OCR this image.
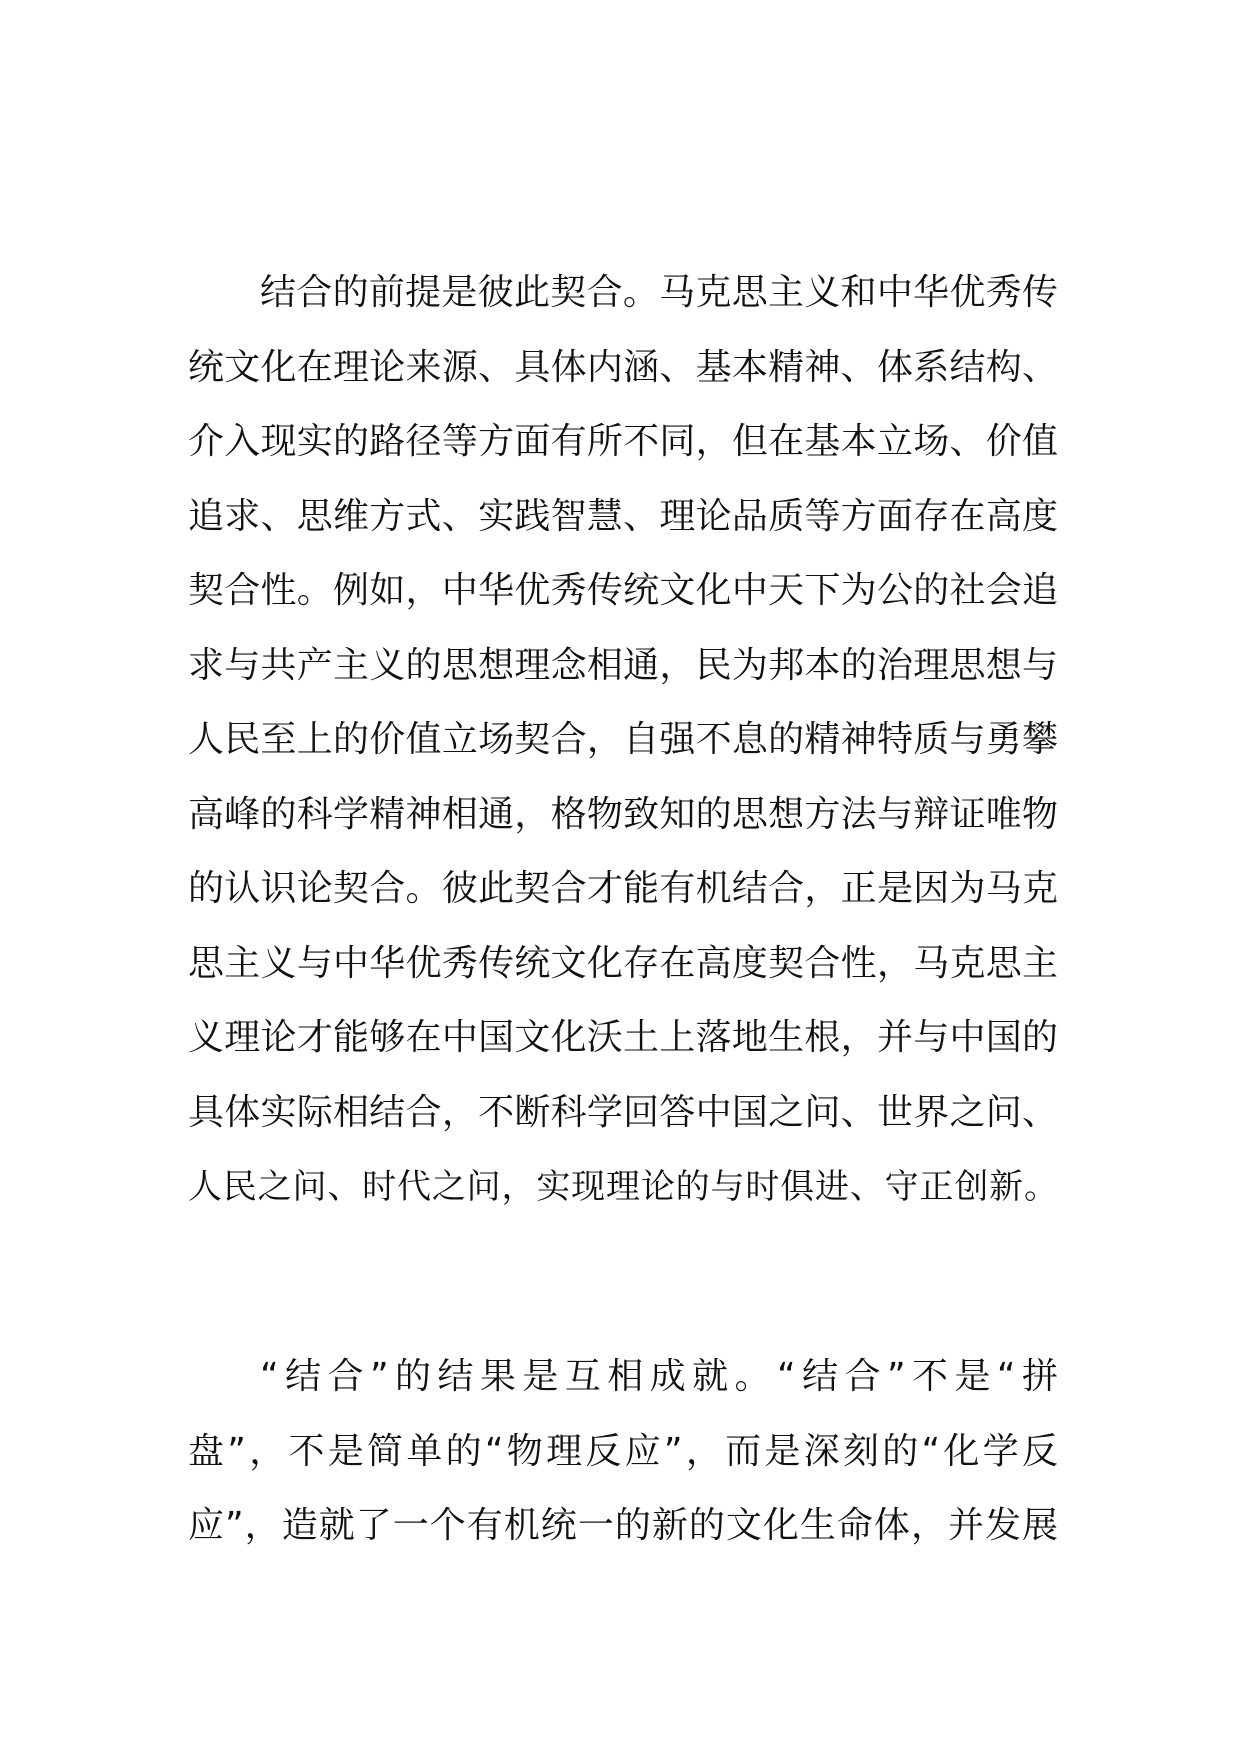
结合的前提是彼此契合。马克思主义和中华优秀传
统文化在理论来源、具体内涵、基本精神、体系结构、
介入现实的路径等方面有所不同，但在基本立场、价值
追求、思维方式、实践智慧、理论品质等方面存在高度
契合性。例如，中华优秀传统文化中天下为公的社会追
求与共产主义的思想理念相通，民为邦本的治理思想与
人民至上的价值立场契合，自强不息的精神特质与勇攀
高峰的科学精神相通，格物致知的思想方法与辩证唯物
的认识论契合。彼此契合才能有机结合，正是因为马克
思主义与中华优秀传统文化存在高度契合性，马克思主
义理论才能够在中国文化沃土上落地生根，并与中国的
具体实际相结合，不断科学回答中国之问、世界之问、
人民之问、时代之问，实现理论的与时俱进、守正创新。
“结合”的结果是互相成就。“结合”不是“拼
盘”，不是简单的“物理反应”，而是深刻的“化学反
应”，造就了一个有机统一的新的文化生命体，并发展
